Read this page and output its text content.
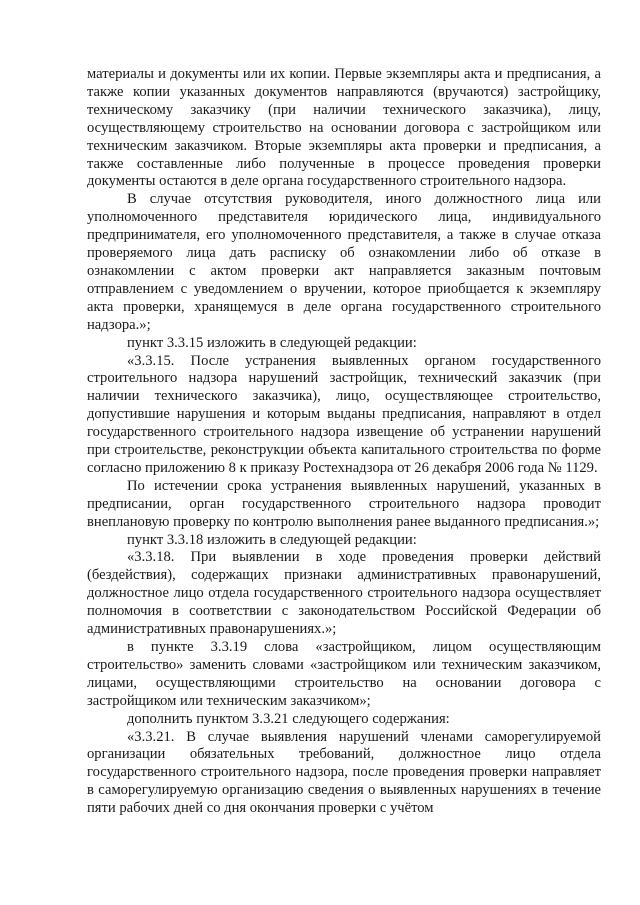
материалы и документы или их копии. Первые экземпляры акта и предписания, а также копии указанных документов направляются (вручаются) застройщику, техническому заказчику (при наличии технического заказчика), лицу, осуществляющему строительство на основании договора с застройщиком или техническим заказчиком. Вторые экземпляры акта проверки и предписания, а также составленные либо полученные в процессе проведения проверки документы остаются в деле органа государственного строительного надзора.

В случае отсутствия руководителя, иного должностного лица или уполномоченного представителя юридического лица, индивидуального предпринимателя, его уполномоченного представителя, а также в случае отказа проверяемого лица дать расписку об ознакомлении либо об отказе в ознакомлении с актом проверки акт направляется заказным почтовым отправлением с уведомлением о вручении, которое приобщается к экземпляру акта проверки, хранящемуся в деле органа государственного строительного надзора.»;

пункт 3.3.15 изложить в следующей редакции:

«3.3.15. После устранения выявленных органом государственного строительного надзора нарушений застройщик, технический заказчик (при наличии технического заказчика), лицо, осуществляющее строительство, допустившие нарушения и которым выданы предписания, направляют в отдел государственного строительного надзора извещение об устранении нарушений при строительстве, реконструкции объекта капитального строительства по форме согласно приложению 8 к приказу Ростехнадзора от 26 декабря 2006 года № 1129.

По истечении срока устранения выявленных нарушений, указанных в предписании, орган государственного строительного надзора проводит внеплановую проверку по контролю выполнения ранее выданного предписания.»;

пункт 3.3.18 изложить в следующей редакции:

«3.3.18. При выявлении в ходе проведения проверки действий (бездействия), содержащих признаки административных правонарушений, должностное лицо отдела государственного строительного надзора осуществляет полномочия в соответствии с законодательством Российской Федерации об административных правонарушениях.»;

в пункте 3.3.19 слова «застройщиком, лицом осуществляющим строительство» заменить словами «застройщиком или техническим заказчиком, лицами, осуществляющими строительство на основании договора с застройщиком или техническим заказчиком»;

дополнить пунктом 3.3.21 следующего содержания:

«3.3.21. В случае выявления нарушений членами саморегулируемой организации обязательных требований, должностное лицо отдела государственного строительного надзора, после проведения проверки направляет в саморегулируемую организацию сведения о выявленных нарушениях в течение пяти рабочих дней со дня окончания проверки с учётом
